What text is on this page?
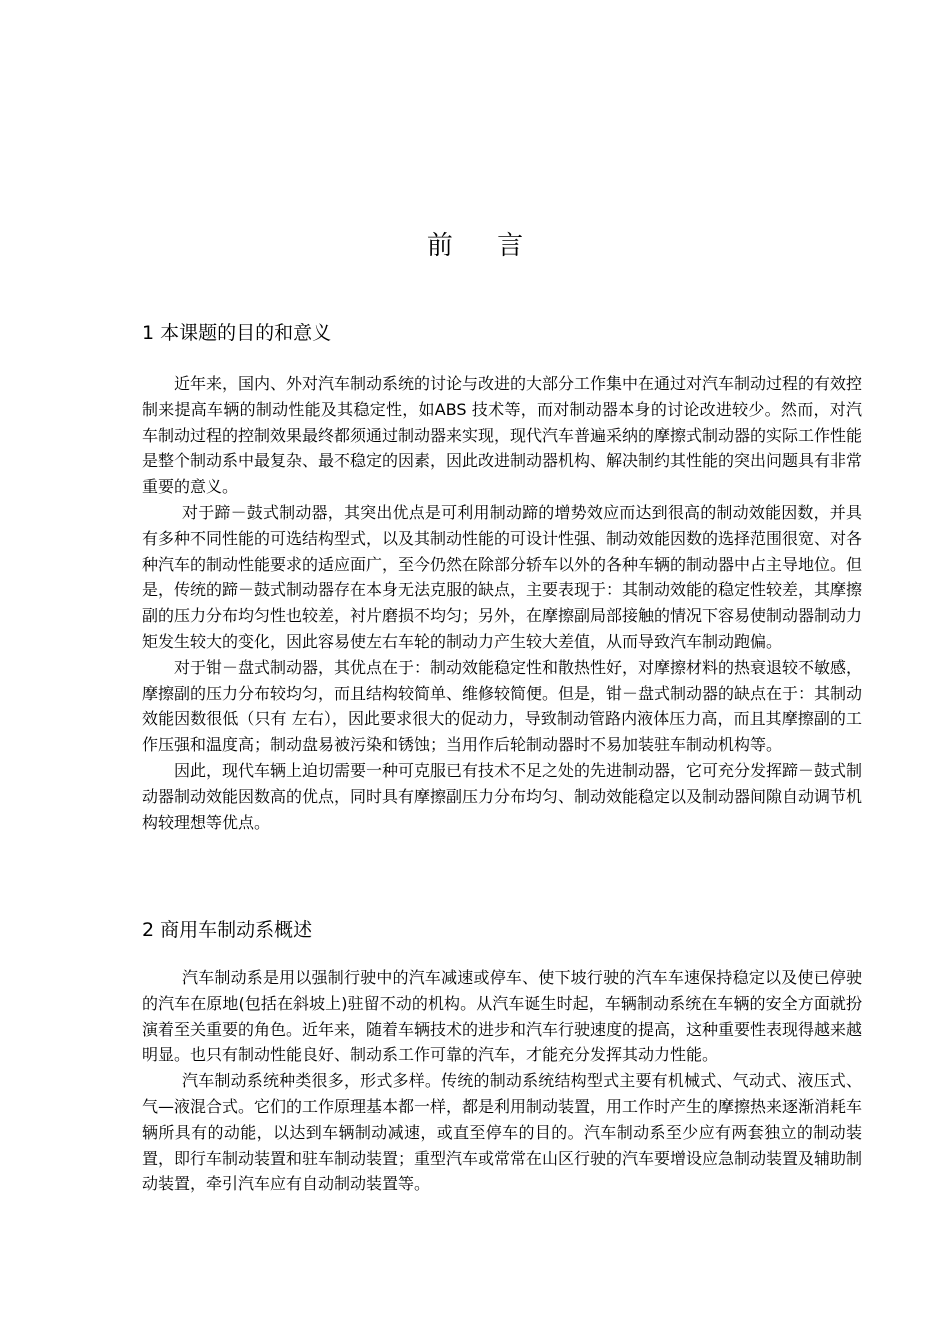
前 言
1 本课题的目的和意义

近年来，国内、外对汽车制动系统的讨论与改进的大部分工作集中在通过对汽车制动过程的有效控制来提高车辆的制动性能及其稳定性，如ABS 技术等，而对制动器本身的讨论改进较少。然而，对汽车制动过程的控制效果最终都须通过制动器来实现，现代汽车普遍采纳的摩擦式制动器的实际工作性能是整个制动系中最复杂、最不稳定的因素，因此改进制动器机构、解决制约其性能的突出问题具有非常重要的意义。

对于蹄－鼓式制动器，其突出优点是可利用制动蹄的增势效应而达到很高的制动效能因数，并具有多种不同性能的可选结构型式，以及其制动性能的可设计性强、制动效能因数的选择范围很宽、对各种汽车的制动性能要求的适应面广，至今仍然在除部分轿车以外的各种车辆的制动器中占主导地位。但是，传统的蹄－鼓式制动器存在本身无法克服的缺点，主要表现于：其制动效能的稳定性较差，其摩擦副的压力分布均匀性也较差，衬片磨损不均匀；另外，在摩擦副局部接触的情况下容易使制动器制动力矩发生较大的变化，因此容易使左右车轮的制动力产生较大差值，从而导致汽车制动跑偏。

对于钳－盘式制动器，其优点在于：制动效能稳定性和散热性好，对摩擦材料的热衰退较不敏感，摩擦副的压力分布较均匀，而且结构较简单、维修较简便。但是，钳－盘式制动器的缺点在于：其制动效能因数很低（只有 左右），因此要求很大的促动力，导致制动管路内液体压力高，而且其摩擦副的工作压强和温度高；制动盘易被污染和锈蚀；当用作后轮制动器时不易加装驻车制动机构等。

因此，现代车辆上迫切需要一种可克服已有技术不足之处的先进制动器，它可充分发挥蹄－鼓式制动器制动效能因数高的优点，同时具有摩擦副压力分布均匀、制动效能稳定以及制动器间隙自动调节机构较理想等优点。

2 商用车制动系概述

汽车制动系是用以强制行驶中的汽车减速或停车、使下坡行驶的汽车车速保持稳定以及使已停驶的汽车在原地(包括在斜坡上)驻留不动的机构。从汽车诞生时起，车辆制动系统在车辆的安全方面就扮演着至关重要的角色。近年来，随着车辆技术的进步和汽车行驶速度的提高，这种重要性表现得越来越明显。也只有制动性能良好、制动系工作可靠的汽车，才能充分发挥其动力性能。

汽车制动系统种类很多，形式多样。传统的制动系统结构型式主要有机械式、气动式、液压式、气—液混合式。它们的工作原理基本都一样，都是利用制动装置，用工作时产生的摩擦热来逐渐消耗车辆所具有的动能，以达到车辆制动减速，或直至停车的目的。汽车制动系至少应有两套独立的制动装置，即行车制动装置和驻车制动装置；重型汽车或常常在山区行驶的汽车要增设应急制动装置及辅助制动装置，牵引汽车应有自动制动装置等。
